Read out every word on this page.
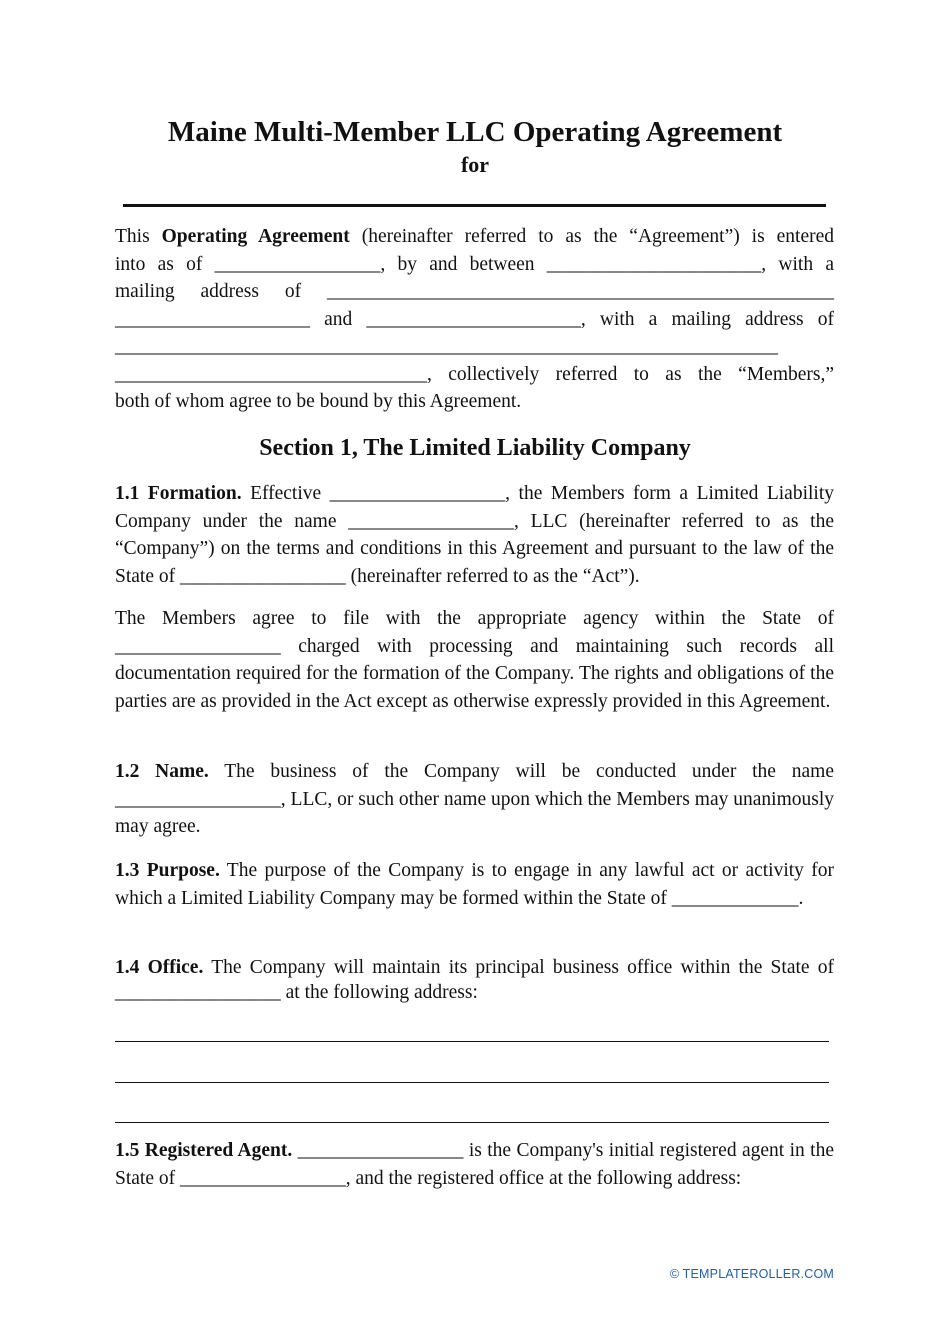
Maine Multi-Member LLC Operating Agreement
for
This Operating Agreement (hereinafter referred to as the “Agreement”) is entered
into as of _________________, by and between ______________________, with a
mailing address of ____________________________________________________
____________________ and ______________________, with a mailing address of
____________________________________________________________________
________________________________, collectively referred to as the “Members,”
both of whom agree to be bound by this Agreement.
Section 1, The Limited Liability Company

1.1 Formation. Effective __________________, the Members form a Limited Liability Company under the name _________________, LLC (hereinafter referred to as the “Company”) on the terms and conditions in this Agreement and pursuant to the law of the State of _________________ (hereinafter referred to as the “Act”).

The Members agree to file with the appropriate agency within the State of _________________ charged with processing and maintaining such records all documentation required for the formation of the Company. The rights and obligations of the parties are as provided in the Act except as otherwise expressly provided in this Agreement.

1.2 Name. The business of the Company will be conducted under the name _________________, LLC, or such other name upon which the Members may unanimously may agree.

1.3 Purpose. The purpose of the Company is to engage in any lawful act or activity for which a Limited Liability Company may be formed within the State of _____________.

1.4 Office. The Company will maintain its principal business office within the State of
_________________ at the following address:

1.5 Registered Agent. _________________ is the Company's initial registered agent in the State of _________________, and the registered office at the following address:

© TEMPLATEROLLER.COM
